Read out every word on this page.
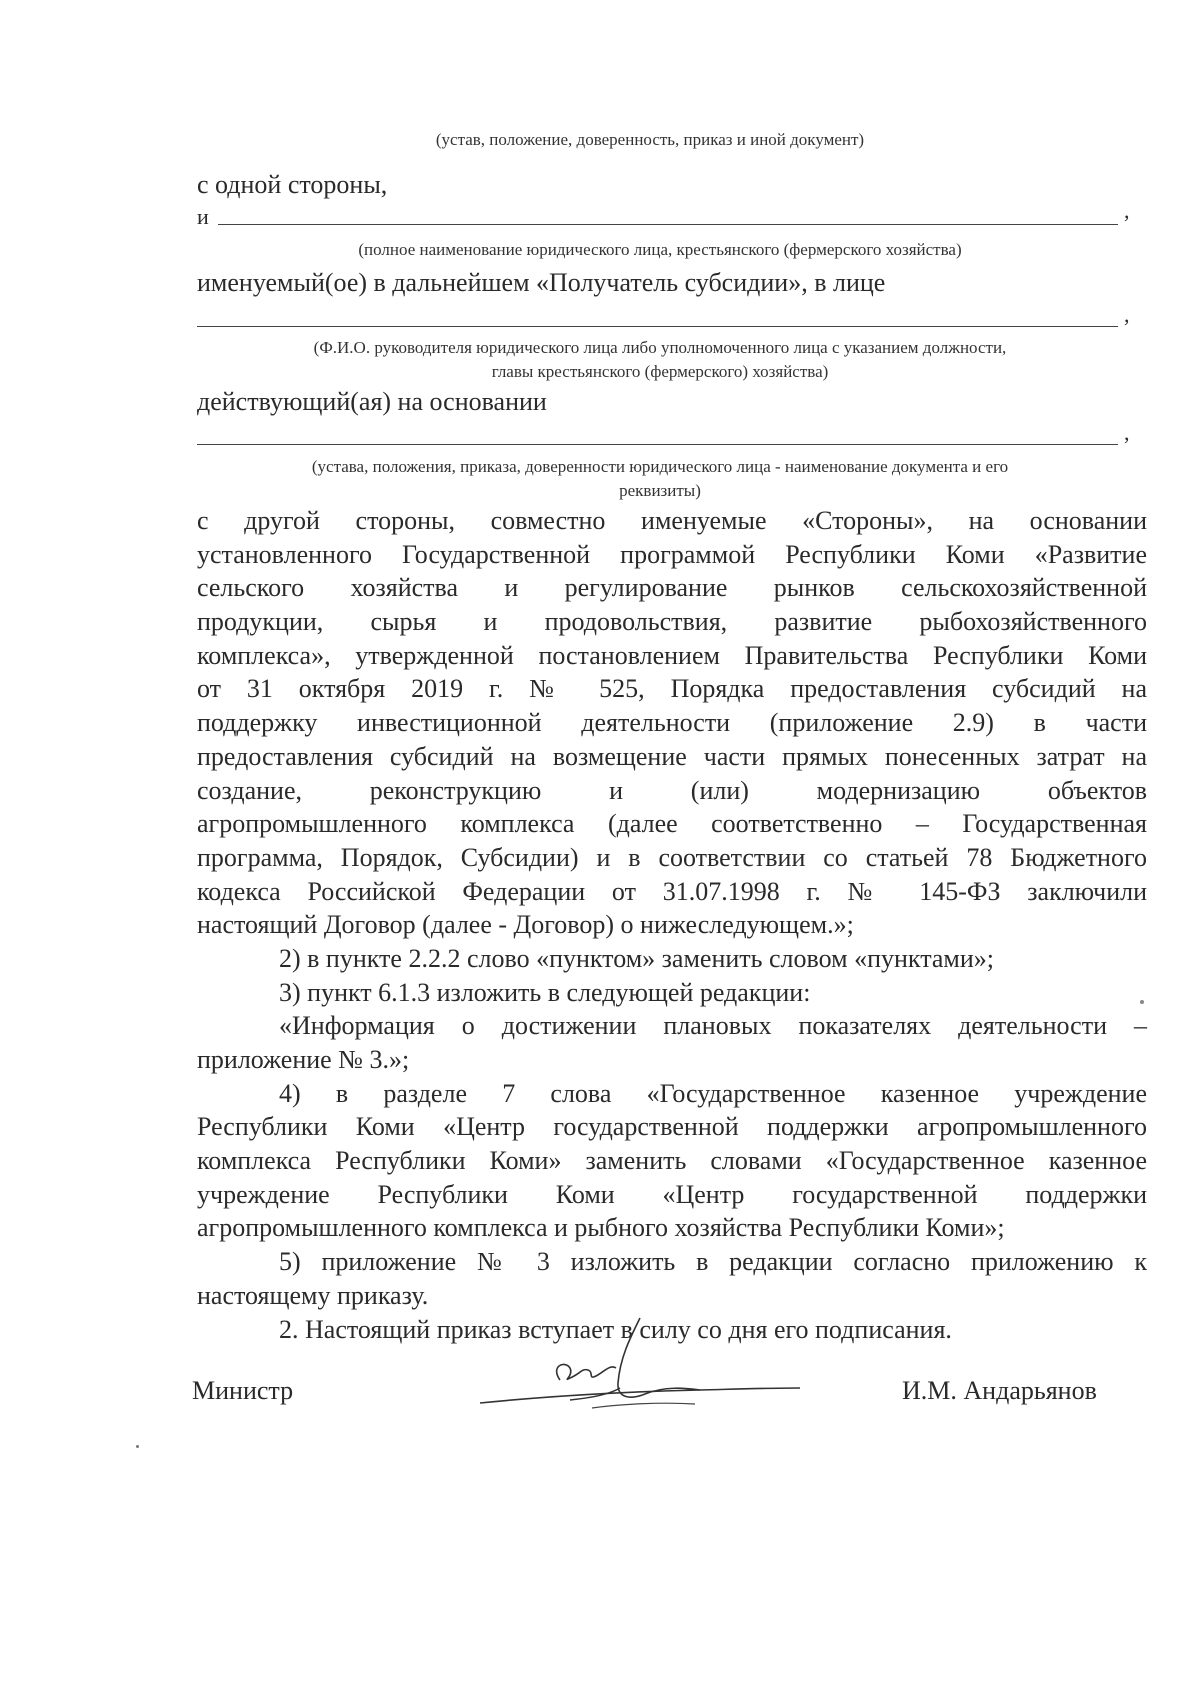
(устав, положение, доверенность, приказ и иной документ)
с одной стороны,
и	,
(полное наименование юридического лица, крестьянского (фермерского хозяйства)
именуемый(ое) в дальнейшем «Получатель субсидии», в лице
,
(Ф.И.О. руководителя юридического лица либо уполномоченного лица с указанием должности,
главы крестьянского (фермерского) хозяйства)
действующий(ая) на основании
,
(устава, положения, приказа, доверенности юридического лица - наименование документа и его
реквизиты)
с другой стороны, совместно именуемые «Стороны», на основании
установленного Государственной программой Республики Коми «Развитие
сельского хозяйства и регулирование рынков сельскохозяйственной
продукции, сырья и продовольствия, развитие рыбохозяйственного
комплекса», утвержденной постановлением Правительства Республики Коми
от 31 октября 2019 г. № 525, Порядка предоставления субсидий на
поддержку инвестиционной деятельности (приложение 2.9) в части
предоставления субсидий на возмещение части прямых понесенных затрат на
создание, реконструкцию и (или) модернизацию объектов
агропромышленного комплекса (далее соответственно – Государственная
программа, Порядок, Субсидии) и в соответствии со статьей 78 Бюджетного
кодекса Российской Федерации от 31.07.1998 г. № 145-ФЗ заключили
настоящий Договор (далее - Договор) о нижеследующем.»;
2) в пункте 2.2.2 слово «пунктом» заменить словом «пунктами»;
3) пункт 6.1.3 изложить в следующей редакции:
«Информация о достижении плановых показателях деятельности –
приложение № 3.»;
4) в разделе 7 слова «Государственное казенное учреждение
Республики Коми «Центр государственной поддержки агропромышленного
комплекса Республики Коми» заменить словами «Государственное казенное
учреждение Республики Коми «Центр государственной поддержки
агропромышленного комплекса и рыбного хозяйства Республики Коми»;
5) приложение № 3 изложить в редакции согласно приложению к
настоящему приказу.
2. Настоящий приказ вступает в силу со дня его подписания.
Министр	И.М. Андарьянов
